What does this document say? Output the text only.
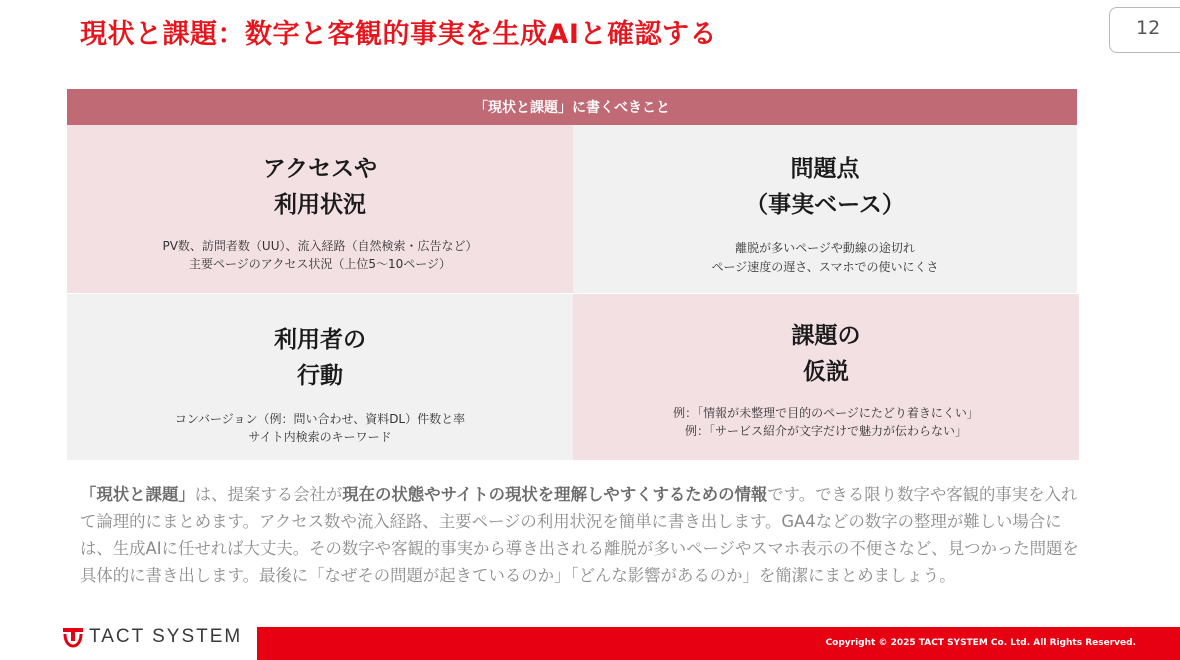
現状と課題：数字と客観的事実を生成AIと確認する	12
「現状と課題」に書くべきこと
アクセスや
利用状況
PV数、訪問者数（UU）、流入経路（自然検索・広告など）
主要ページのアクセス状況（上位5〜10ページ）
問題点
（事実ベース）
離脱が多いページや動線の途切れ
ページ速度の遅さ、スマホでの使いにくさ
利用者の
行動
コンバージョン（例：問い合わせ、資料DL）件数と率
サイト内検索のキーワード
課題の
仮説
例：「情報が未整理で目的のページにたどり着きにくい」
例：「サービス紹介が文字だけで魅力が伝わらない」
「現状と課題」は、提案する会社が現在の状態やサイトの現状を理解しやすくするための情報です。できる限り数字や客観的事実を入れて論理的にまとめます。アクセス数や流入経路、主要ページの利用状況を簡単に書き出します。GA4などの数字の整理が難しい場合には、生成AIに任せれば大丈夫。その数字や客観的事実から導き出される離脱が多いページやスマホ表示の不便さなど、見つかった問題を具体的に書き出します。最後に「なぜその問題が起きているのか」「どんな影響があるのか」を簡潔にまとめましょう。
TACT SYSTEM	Copyright © 2025 TACT SYSTEM Co. Ltd. All Rights Reserved.
